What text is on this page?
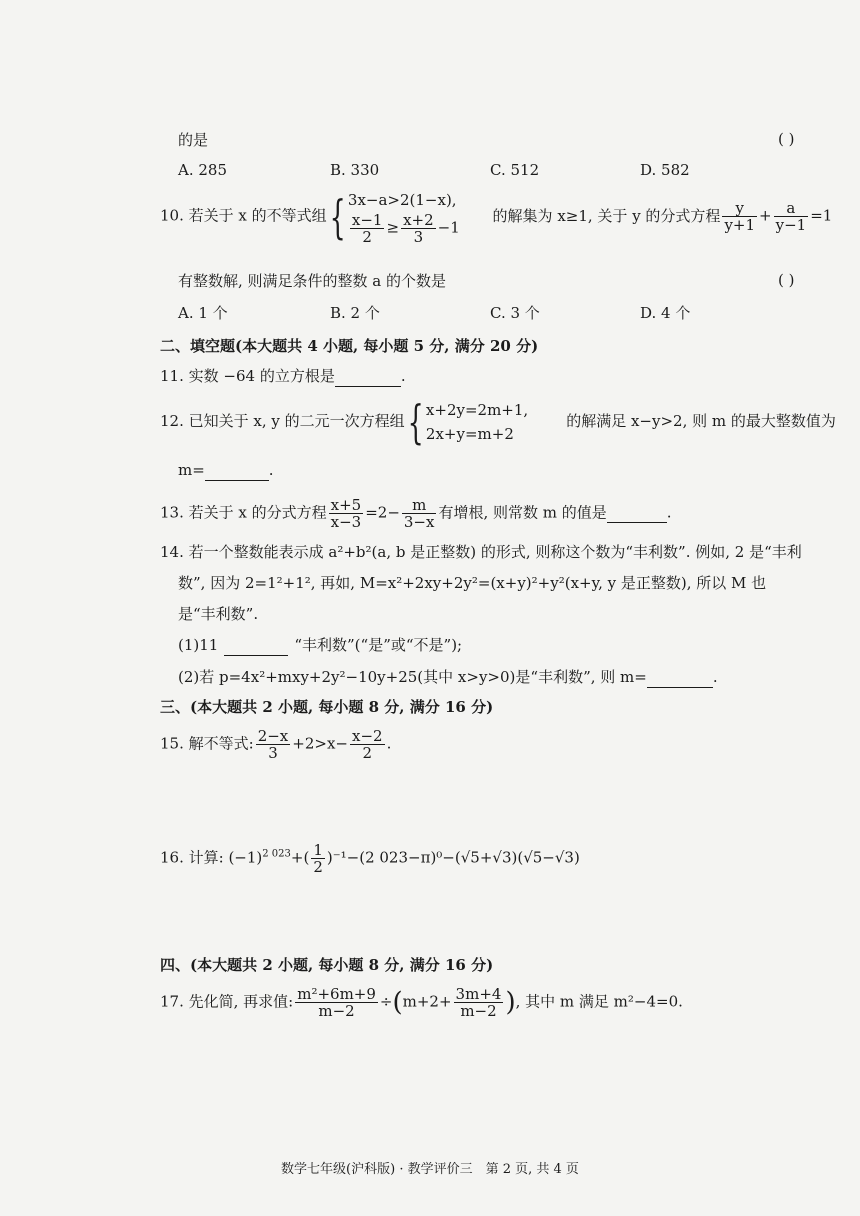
的是	( )
A. 285	B. 330	C. 512	D. 582
10. 若关于 x 的不等式组{ 3x−a>2(1−x),
$\frac{x-1}{2} \ge \frac{x+2}{3} -1$
的解集为 x≥1, 关于 y 的分式方程 $\frac{y}{y+1} + \frac{a}{y-1} =1$
有整数解, 则满足条件的整数 a 的个数是	( )
A. 1 个	B. 2 个	C. 3 个	D. 4 个
二、填空题(本大题共 4 小题, 每小题 5 分, 满分 20 分)
11. 实数 −64 的立方根是	.
12. 已知关于 x, y 的二元一次方程组{ x+2y=2m+1,
2x+y=m+2
的解满足 x−y>2, 则 m 的最大整数值为
m=	.
13. 若关于 x 的分式方程 $\frac{x+5}{x-3} =2- \frac{m}{3-x}$ 有增根, 则常数 m 的值是	.
14. 若一个整数能表示成 a²+b²(a, b 是正整数) 的形式, 则称这个数为“丰利数”. 例如, 2 是“丰利
数”, 因为 2=1²+1², 再如, M=x²+2xy+2y²=(x+y)²+y²(x+y, y 是正整数), 所以 M 也
是“丰利数”.
(1)11	“丰利数”(“是”或“不是”);
(2)若 p=4x²+mxy+2y²−10y+25(其中 x>y>0)是“丰利数”, 则 m=	.
三、(本大题共 2 小题, 每小题 8 分, 满分 16 分)
15. 解不等式: $\frac{2-x}{3} +2>x- \frac{x-2}{2}$ .
16. 计算: $(-1)^{2 023}+( \frac{1}{2} )^{-1}-(2$ 023−π)⁰−(√5+√3)(√5−√3)
四、(本大题共 2 小题, 每小题 8 分, 满分 16 分)
17. 先化简, 再求值: $\frac{\text{m²+6m+9}}{m-2} \div(m+2+ \frac{3m+4}{m-2}$ ), 其中 m 满足 m²−4=0.
数学七年级(沪科版) · 教学评价三　第 2 页, 共 4 页
